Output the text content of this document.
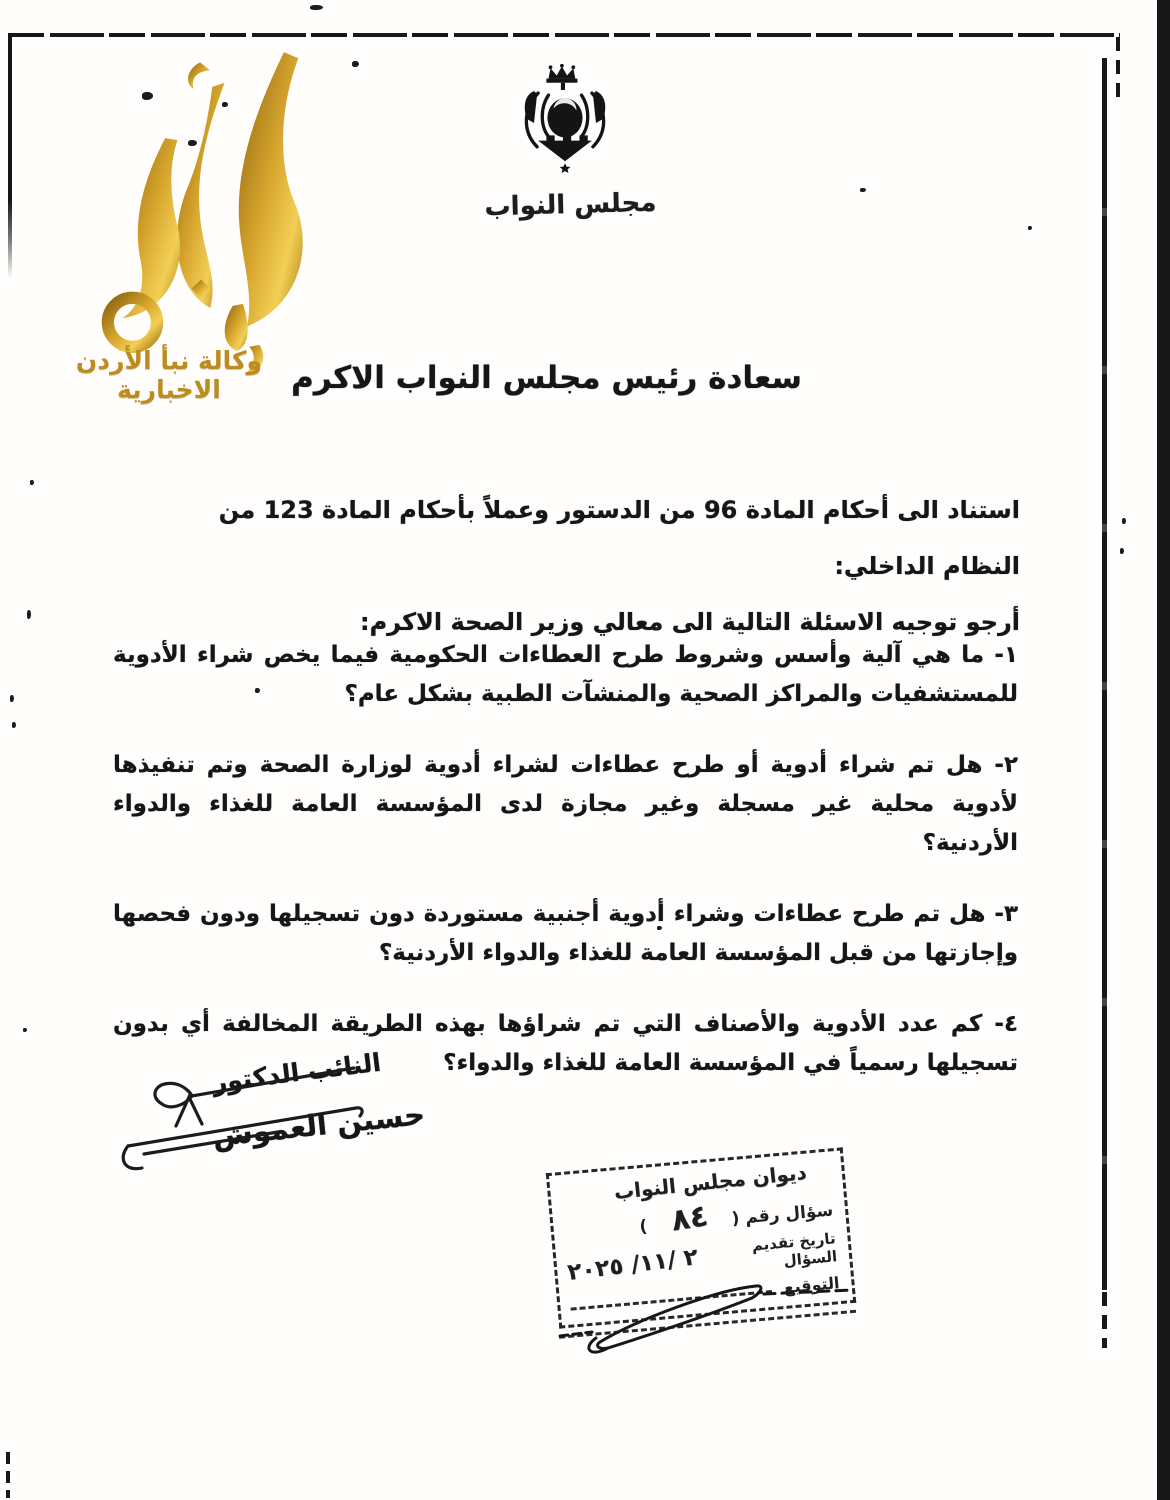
وكالة نبأ الأردن الاخبارية
مجلس النواب
سعادة رئيس مجلس النواب الاكرم
استناد الى أحكام المادة 96 من الدستور وعملاً بأحكام المادة 123 من النظام الداخلي:
أرجو توجيه الاسئلة التالية الى معالي وزير الصحة الاكرم:

١- ما هي آلية وأسس وشروط طرح العطاءات الحكومية فيما يخص شراء الأدوية للمستشفيات والمراكز الصحية والمنشآت الطبية بشكل عام؟

٢- هل تم شراء أدوية أو طرح عطاءات لشراء أدوية لوزارة الصحة وتم تنفيذها لأدوية محلية غير مسجلة وغير مجازة لدى المؤسسة العامة للغذاء والدواء الأردنية؟

٣- هل تم طرح عطاءات وشراء أدوية أجنبية مستوردة دون تسجيلها ودون فحصها وإجازتها من قبل المؤسسة العامة للغذاء والدواء الأردنية؟

٤- كم عدد الأدوية والأصناف التي تم شراؤها بهذه الطريقة المخالفة أي بدون تسجيلها رسمياً في المؤسسة العامة للغذاء والدواء؟

النائب الدكتور
حسين العموش
ديوان مجلس النواب
سؤال رقم (
٨٤
)
تاريخ تقديم السؤال
٢ /١١/ ٢٠٢٥
التوقيع
